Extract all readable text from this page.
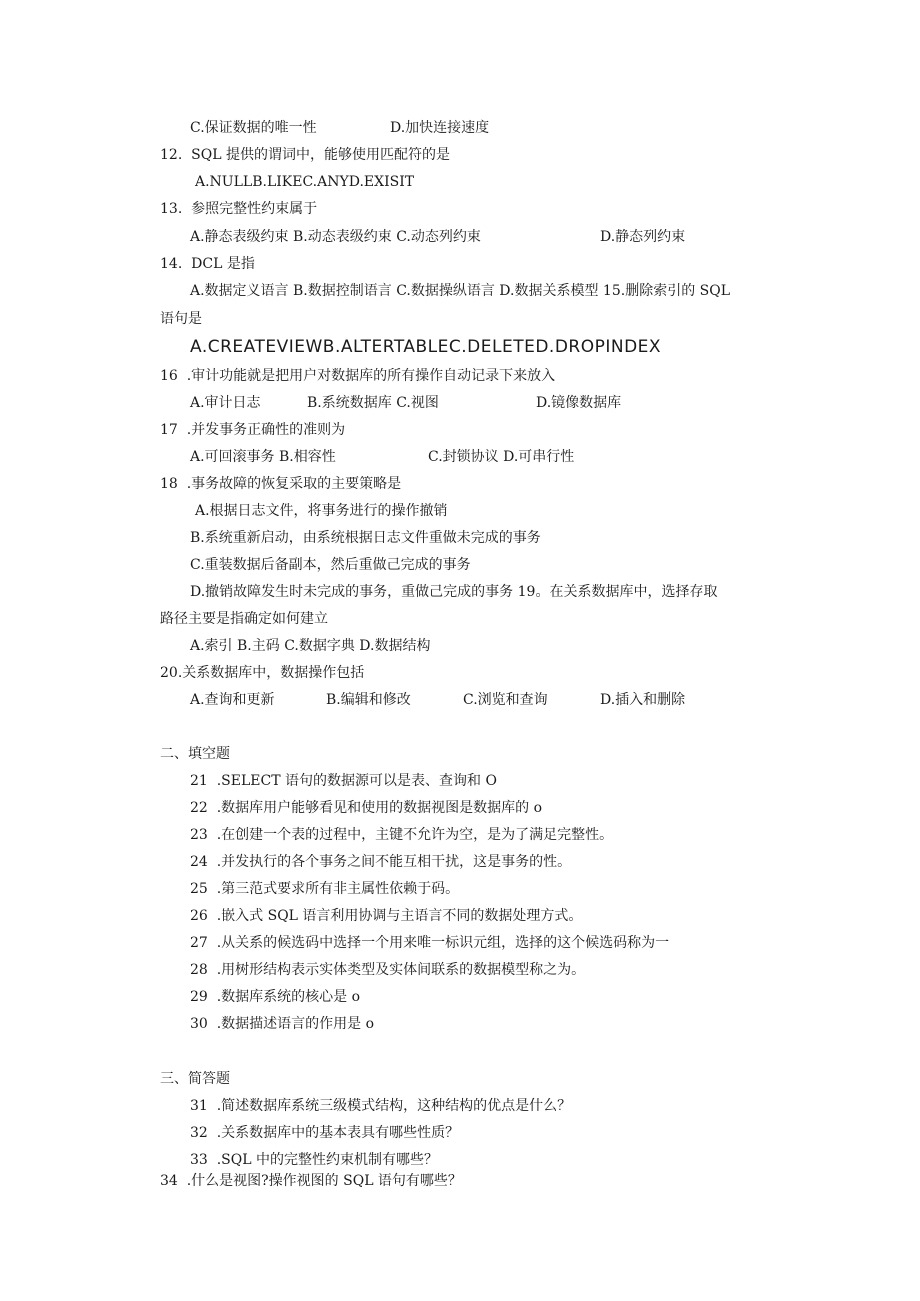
C.保证数据的唯一性	D.加快连接速度
12.  SQL 提供的谓词中，能够使用匹配符的是
A.NULLB.LIKEC.ANYD.EXISIT
13.  参照完整性约束属于
A.静态表级约束 B.动态表级约束 C.动态列约束	D.静态列约束
14.  DCL 是指
A.数据定义语言 B.数据控制语言 C.数据操纵语言 D.数据关系模型 15.删除索引的 SQL
语句是
A.CREATEVIEWB.ALTERTABLEC.DELETED.DROPINDEX
16  .审计功能就是把用户对数据库的所有操作自动记录下来放入
A.审计日志	B.系统数据库 C.视图	D.镜像数据库
17  .并发事务正确性的准则为
A.可回滚事务 B.相容性	C.封锁协议 D.可串行性
18  .事务故障的恢复采取的主要策略是
A.根据日志文件，将事务进行的操作撤销
B.系统重新启动，由系统根据日志文件重做未完成的事务
C.重装数据后备副本，然后重做己完成的事务
D.撤销故障发生时未完成的事务，重做己完成的事务 19。在关系数据库中，选择存取
路径主要是指确定如何建立
A.索引 B.主码 C.数据字典 D.数据结构
20.关系数据库中，数据操作包括
A.查询和更新	B.编辑和修改	C.浏览和查询	D.插入和删除
二、填空题
21  .SELECT 语句的数据源可以是表、查询和 O
22  .数据库用户能够看见和使用的数据视图是数据库的 o
23  .在创建一个表的过程中，主键不允许为空，是为了满足完整性。
24  .并发执行的各个事务之间不能互相干扰，这是事务的性。
25  .第三范式要求所有非主属性依赖于码。
26  .嵌入式 SQL 语言利用协调与主语言不同的数据处理方式。
27  .从关系的候选码中选择一个用来唯一标识元组，选择的这个候选码称为一
28  .用树形结构表示实体类型及实体间联系的数据模型称之为。
29  .数据库系统的核心是 o
30  .数据描述语言的作用是 o
三、简答题
31  .简述数据库系统三级模式结构，这种结构的优点是什么？
32  .关系数据库中的基本表具有哪些性质？
33  .SQL 中的完整性约束机制有哪些？
34  .什么是视图?操作视图的 SQL 语句有哪些？
